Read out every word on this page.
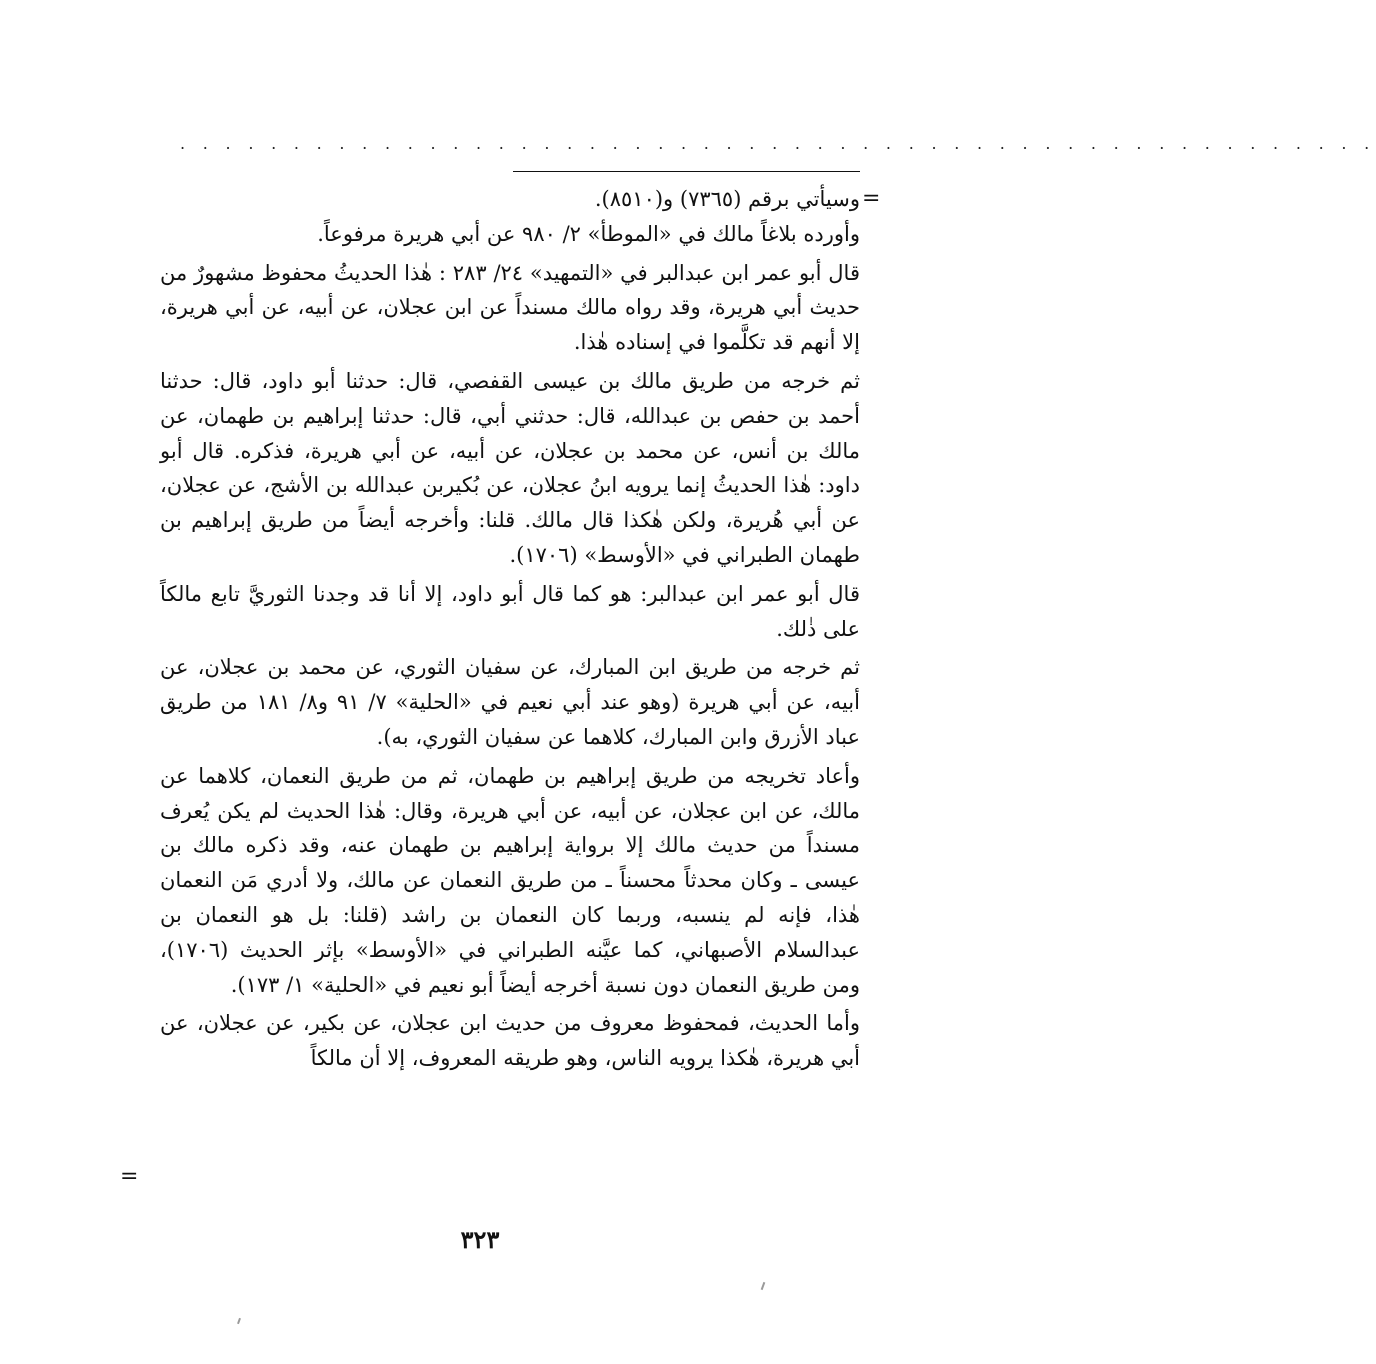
. . . . . . . . . . . . . . . . . . . . . . . . . . . . . . . . . . . . . . . . . . . . . . . . . . . . .
=

وسيأتي برقم (٧٣٦٥) و(٨٥١٠).

وأورده بلاغاً مالك في «الموطأ» ٢/ ٩٨٠ عن أبي هريرة مرفوعاً.

قال أبو عمر ابن عبدالبر في «التمهيد» ٢٤/ ٢٨٣ : هٰذا الحديثُ محفوظ مشهورٌ من حديث أبي هريرة، وقد رواه مالك مسنداً عن ابن عجلان، عن أبيه، عن أبي هريرة، إلا أنهم قد تكلَّموا في إسناده هٰذا.

ثم خرجه من طريق مالك بن عيسى القفصي، قال: حدثنا أبو داود، قال: حدثنا أحمد بن حفص بن عبدالله، قال: حدثني أبي، قال: حدثنا إبراهيم بن طهمان، عن مالك بن أنس، عن محمد بن عجلان، عن أبيه، عن أبي هريرة، فذكره. قال أبو داود: هٰذا الحديثُ إنما يرويه ابنُ عجلان، عن بُكيربن عبدالله بن الأشج، عن عجلان، عن أبي هُريرة، ولكن هٰكذا قال مالك. قلنا: وأخرجه أيضاً من طريق إبراهيم بن طهمان الطبراني في «الأوسط» (١٧٠٦).

قال أبو عمر ابن عبدالبر: هو كما قال أبو داود، إلا أنا قد وجدنا الثوريَّ تابع مالكاً على ذٰلك.

ثم خرجه من طريق ابن المبارك، عن سفيان الثوري، عن محمد بن عجلان، عن أبيه، عن أبي هريرة (وهو عند أبي نعيم في «الحلية» ٧/ ٩١ و٨/ ١٨١ من طريق عباد الأزرق وابن المبارك، كلاهما عن سفيان الثوري، به).

وأعاد تخريجه من طريق إبراهيم بن طهمان، ثم من طريق النعمان، كلاهما عن مالك، عن ابن عجلان، عن أبيه، عن أبي هريرة، وقال: هٰذا الحديث لم يكن يُعرف مسنداً من حديث مالك إلا برواية إبراهيم بن طهمان عنه، وقد ذكره مالك بن عيسى ـ وكان محدثاً محسناً ـ من طريق النعمان عن مالك، ولا أدري مَن النعمان هٰذا، فإنه لم ينسبه، وربما كان النعمان بن راشد (قلنا: بل هو النعمان بن عبدالسلام الأصبهاني، كما عيَّنه الطبراني في «الأوسط» بإثر الحديث (١٧٠٦)، ومن طريق النعمان دون نسبة أخرجه أيضاً أبو نعيم في «الحلية» ١/ ١٧٣).

وأما الحديث، فمحفوظ معروف من حديث ابن عجلان، عن بكير، عن عجلان، عن أبي هريرة، هٰكذا يرويه الناس، وهو طريقه المعروف، إلا أن مالكاً

=
٣٢٣
